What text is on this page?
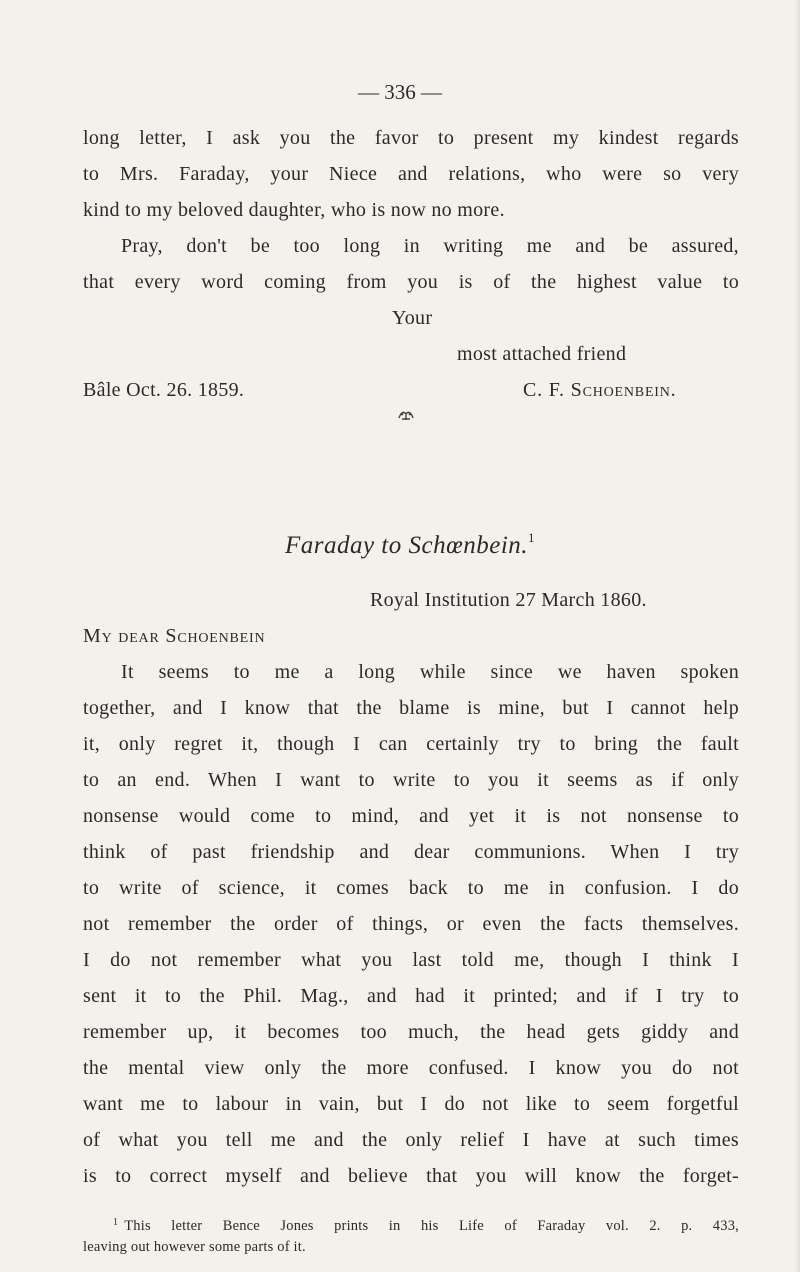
— 336 —
long letter, I ask you the favor to present my kindest regards
to Mrs. Faraday, your Niece and relations, who were so very
kind to my beloved daughter, who is now no more.
Pray, don't be too long in writing me and be assured,
that every word coming from you is of the highest value to
Your
most attached friend
Bâle Oct. 26. 1859.	C. F. Schoenbein.
Faraday to Schœnbein.$^1$
Royal Institution 27 March 1860.
My dear Schoenbein
It seems to me a long while since we haven spoken
together, and I know that the blame is mine, but I cannot help
it, only regret it, though I can certainly try to bring the fault
to an end. When I want to write to you it seems as if only
nonsense would come to mind, and yet it is not nonsense to
think of past friendship and dear communions. When I try
to write of science, it comes back to me in confusion. I do
not remember the order of things, or even the facts themselves.
I do not remember what you last told me, though I think I
sent it to the Phil. Mag., and had it printed; and if I try to
remember up, it becomes too much, the head gets giddy and
the mental view only the more confused. I know you do not
want me to labour in vain, but I do not like to seem forgetful
of what you tell me and the only relief I have at such times
is to correct myself and believe that you will know the forget-
$^1$ This letter Bence Jones prints in his Life of Faraday vol. 2. p. 433,
leaving out however some parts of it.
